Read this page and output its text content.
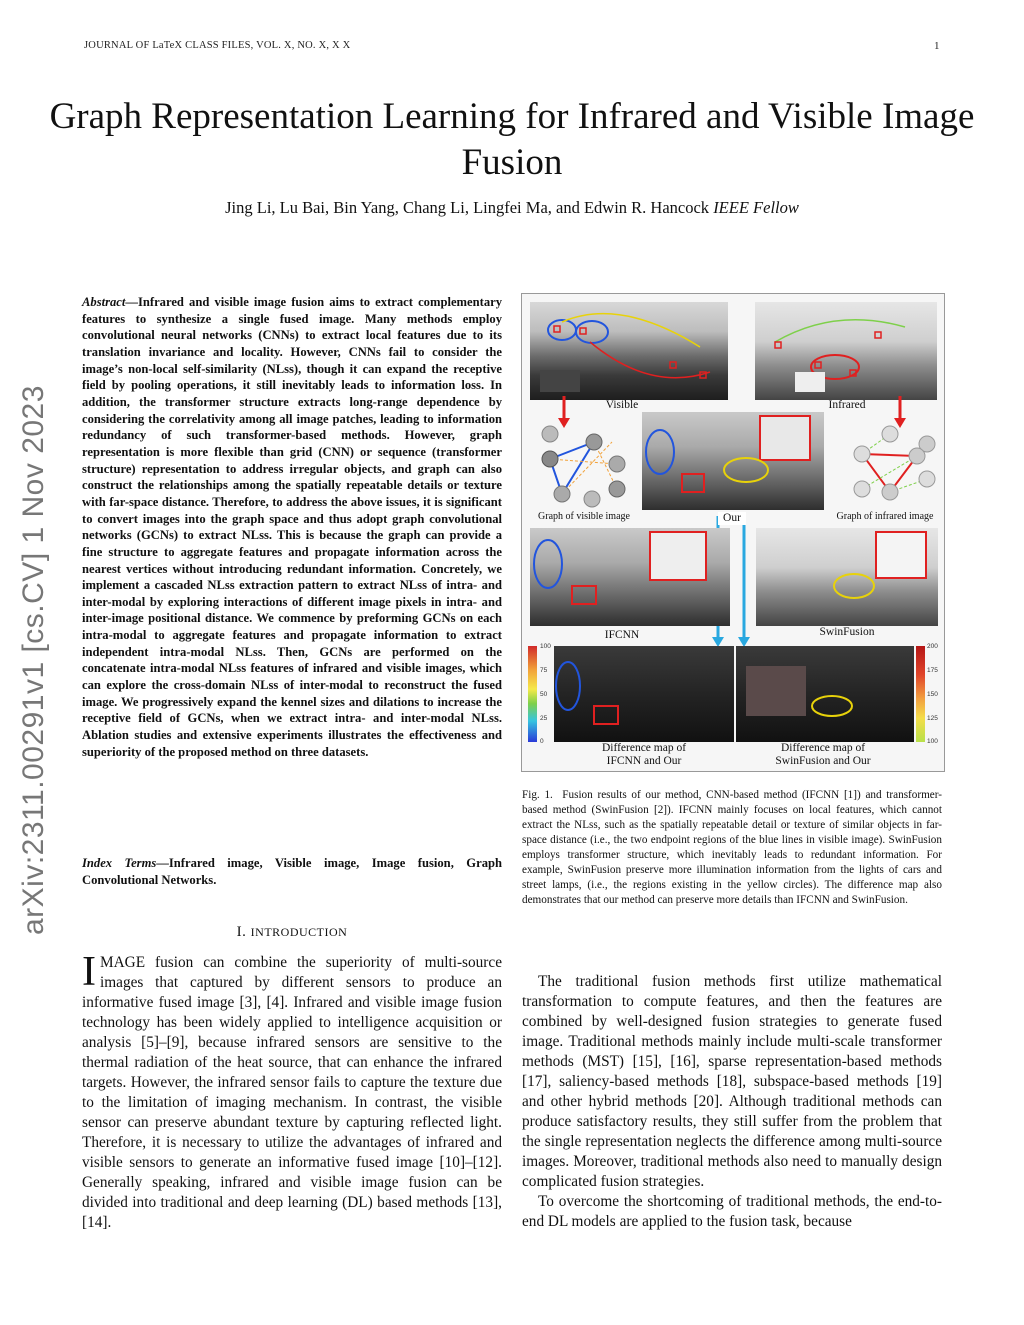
JOURNAL OF LaTeX CLASS FILES, VOL. X, NO. X, X X	1
Graph Representation Learning for Infrared and Visible Image Fusion
Jing Li, Lu Bai, Bin Yang, Chang Li, Lingfei Ma, and Edwin R. Hancock IEEE Fellow
arXiv:2311.00291v1 [cs.CV] 1 Nov 2023
Abstract—Infrared and visible image fusion aims to extract complementary features to synthesize a single fused image. Many methods employ convolutional neural networks (CNNs) to extract local features due to its translation invariance and locality. However, CNNs fail to consider the image’s non-local self-similarity (NLss), though it can expand the receptive field by pooling operations, it still inevitably leads to information loss. In addition, the transformer structure extracts long-range dependence by considering the correlativity among all image patches, leading to information redundancy of such transformer-based methods. However, graph representation is more flexible than grid (CNN) or sequence (transformer structure) representation to address irregular objects, and graph can also construct the relationships among the spatially repeatable details or texture with far-space distance. Therefore, to address the above issues, it is significant to convert images into the graph space and thus adopt graph convolutional networks (GCNs) to extract NLss. This is because the graph can provide a fine structure to aggregate features and propagate information across the nearest vertices without introducing redundant information. Concretely, we implement a cascaded NLss extraction pattern to extract NLss of intra- and inter-modal by exploring interactions of different image pixels in intra- and inter-image positional distance. We commence by preforming GCNs on each intra-modal to aggregate features and propagate information to extract independent intra-modal NLss. Then, GCNs are performed on the concatenate intra-modal NLss features of infrared and visible images, which can explore the cross-domain NLss of inter-modal to reconstruct the fused image. We progressively expand the kennel sizes and dilations to increase the receptive field of GCNs, when we extract intra- and inter-modal NLss. Ablation studies and extensive experiments illustrates the effectiveness and superiority of the proposed method on three datasets.
Index Terms—Infrared image, Visible image, Image fusion, Graph Convolutional Networks.
I. INTRODUCTION
IMAGE fusion can combine the superiority of multi-source images that captured by different sensors to produce an informative fused image [3], [4]. Infrared and visible image fusion technology has been widely applied to intelligence acquisition or analysis [5]–[9], because infrared sensors are sensitive to the thermal radiation of the heat source, that can enhance the infrared targets. However, the infrared sensor fails to capture the texture due to the limitation of imaging mechanism. In contrast, the visible sensor can preserve abundant texture by capturing reflected light. Therefore, it is necessary to utilize the advantages of infrared and visible sensors to generate an informative fused image [10]–[12]. Generally speaking, infrared and visible image fusion can be divided into traditional and deep learning (DL) based methods [13], [14].

The traditional fusion methods first utilize mathematical transformation to compute features, and then the features are combined by well-designed fusion strategies to generate fused image. Traditional methods mainly include multi-scale transformer methods (MST) [15], [16], sparse representation-based methods [17], saliency-based methods [18], subspace-based methods [19] and other hybrid methods [20]. Although traditional methods can produce satisfactory results, they still suffer from the problem that the single representation neglects the difference among multi-source images. Moreover, traditional methods also need to manually design complicated fusion strategies.

To overcome the shortcoming of traditional methods, the end-to-end DL models are applied to the fusion task, because

Visible	Infrared
Graph of visible image	Graph of infrared image
Our
IFCNN	SwinFusion
100
75
50
25
0
200
175
150
125
100
Difference map of IFCNN and Our
Difference map of SwinFusion and Our
Fig. 1. Fusion results of our method, CNN-based method (IFCNN [1]) and transformer-based method (SwinFusion [2]). IFCNN mainly focuses on local features, which cannot extract the NLss, such as the spatially repeatable detail or texture of similar objects in far-space distance (i.e., the two endpoint regions of the blue lines in visible image). SwinFusion employs transformer structure, which inevitably leads to redundant information. For example, SwinFusion preserve more illumination information from the lights of cars and street lamps, (i.e., the regions existing in the yellow circles). The difference map also demonstrates that our method can preserve more details than IFCNN and SwinFusion.
